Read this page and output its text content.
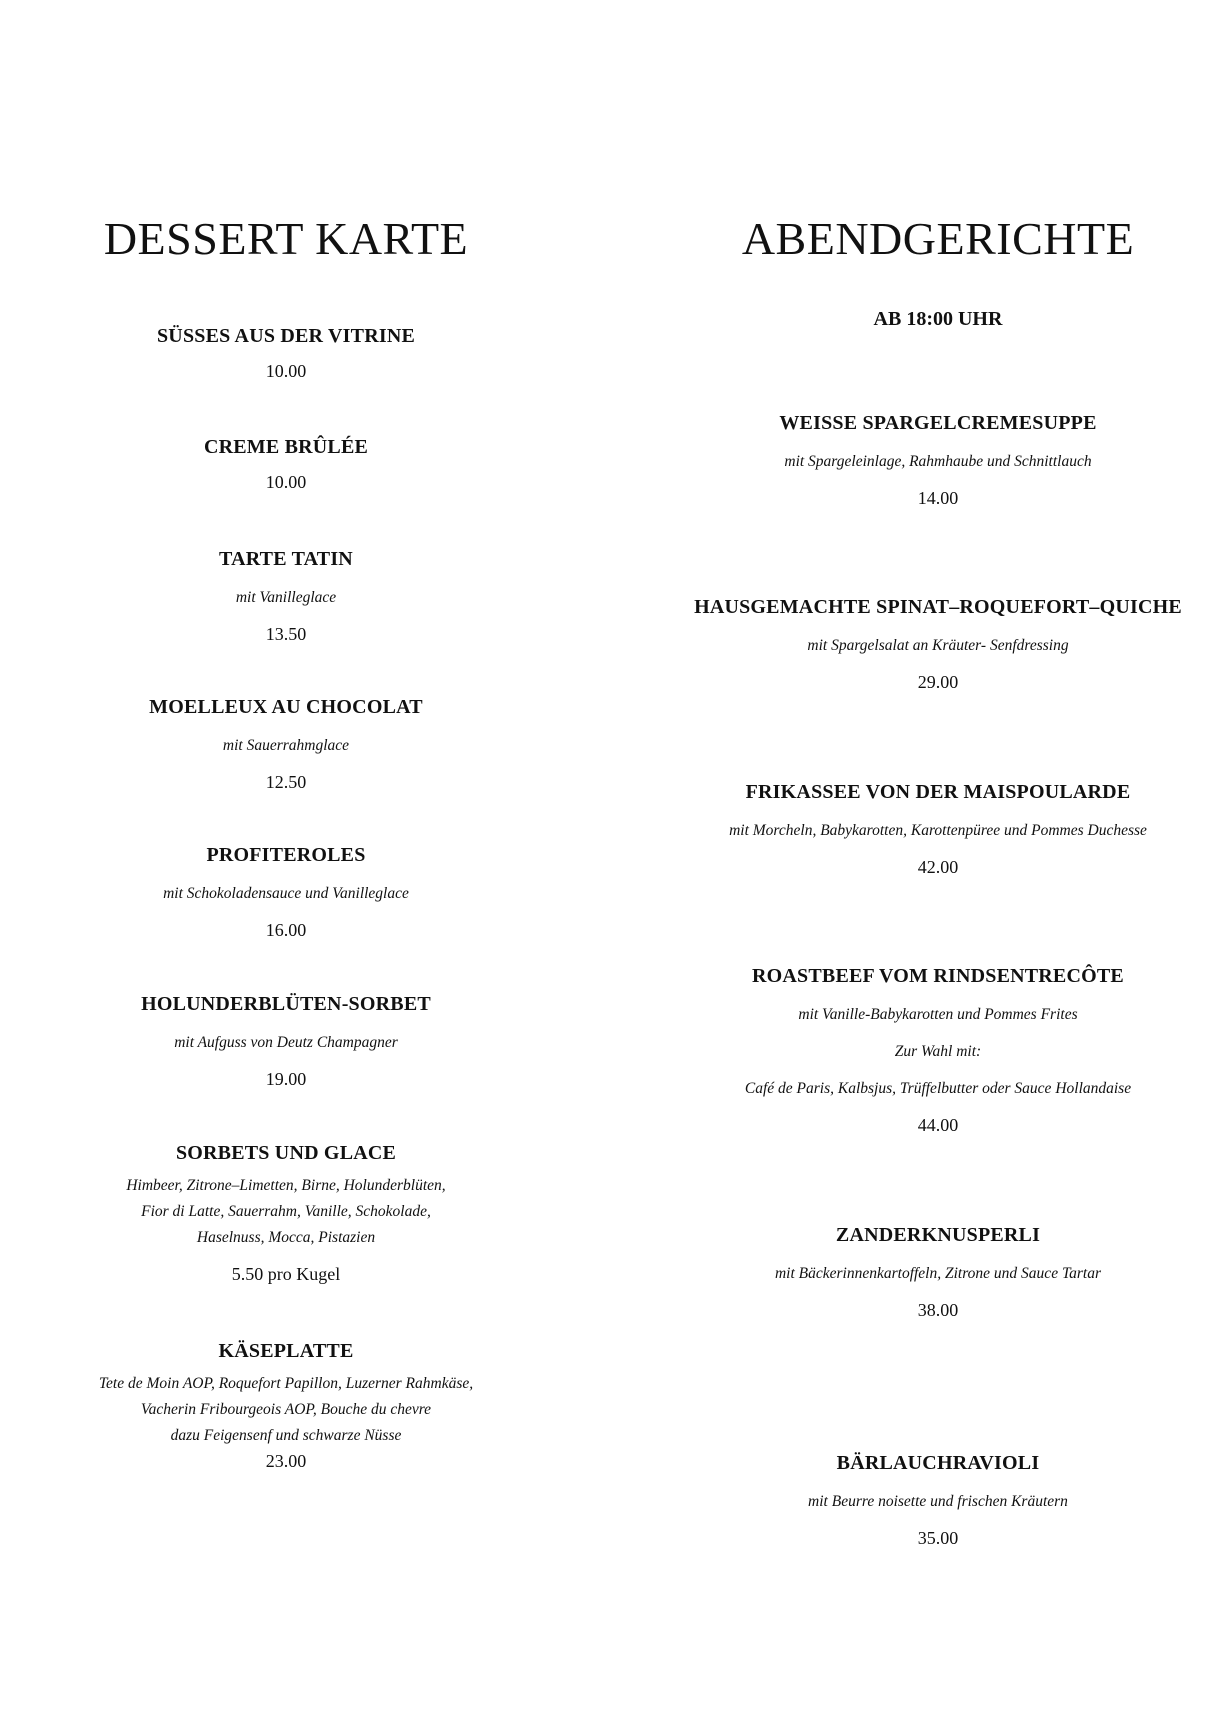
DESSERT KARTE
SÜSSES AUS DER VITRINE
10.00
CREME BRÛLÉE
10.00
TARTE TATIN
mit Vanilleglace
13.50
MOELLEUX AU CHOCOLAT
mit Sauerrahmglace
12.50
PROFITEROLES
mit Schokoladensauce und Vanilleglace
16.00
HOLUNDERBLÜTEN-SORBET
mit Aufguss von Deutz Champagner
19.00
SORBETS UND GLACE
Himbeer, Zitrone–Limetten, Birne, Holunderblüten,
Fior di Latte, Sauerrahm, Vanille, Schokolade,
Haselnuss, Mocca, Pistazien
5.50 pro Kugel
KÄSEPLATTE
Tete de Moin AOP, Roquefort Papillon, Luzerner Rahmkäse,
Vacherin Fribourgeois AOP, Bouche du chevre
dazu Feigensenf und schwarze Nüsse
23.00
ABENDGERICHTE
AB 18:00 UHR
WEISSE SPARGELCREMESUPPE
mit Spargeleinlage, Rahmhaube und Schnittlauch
14.00
HAUSGEMACHTE SPINAT–ROQUEFORT–QUICHE
mit Spargelsalat an Kräuter- Senfdressing
29.00
FRIKASSEE VON DER MAISPOULARDE
mit Morcheln, Babykarotten, Karottenpüree und Pommes Duchesse
42.00
ROASTBEEF VOM RINDSENTRECÔTE
mit Vanille-Babykarotten und Pommes Frites
Zur Wahl mit:
Café de Paris, Kalbsjus, Trüffelbutter oder Sauce Hollandaise
44.00
ZANDERKNUSPERLI
mit Bäckerinnenkartoffeln, Zitrone und Sauce Tartar
38.00
BÄRLAUCHRAVIOLI
mit Beurre noisette und frischen Kräutern
35.00
